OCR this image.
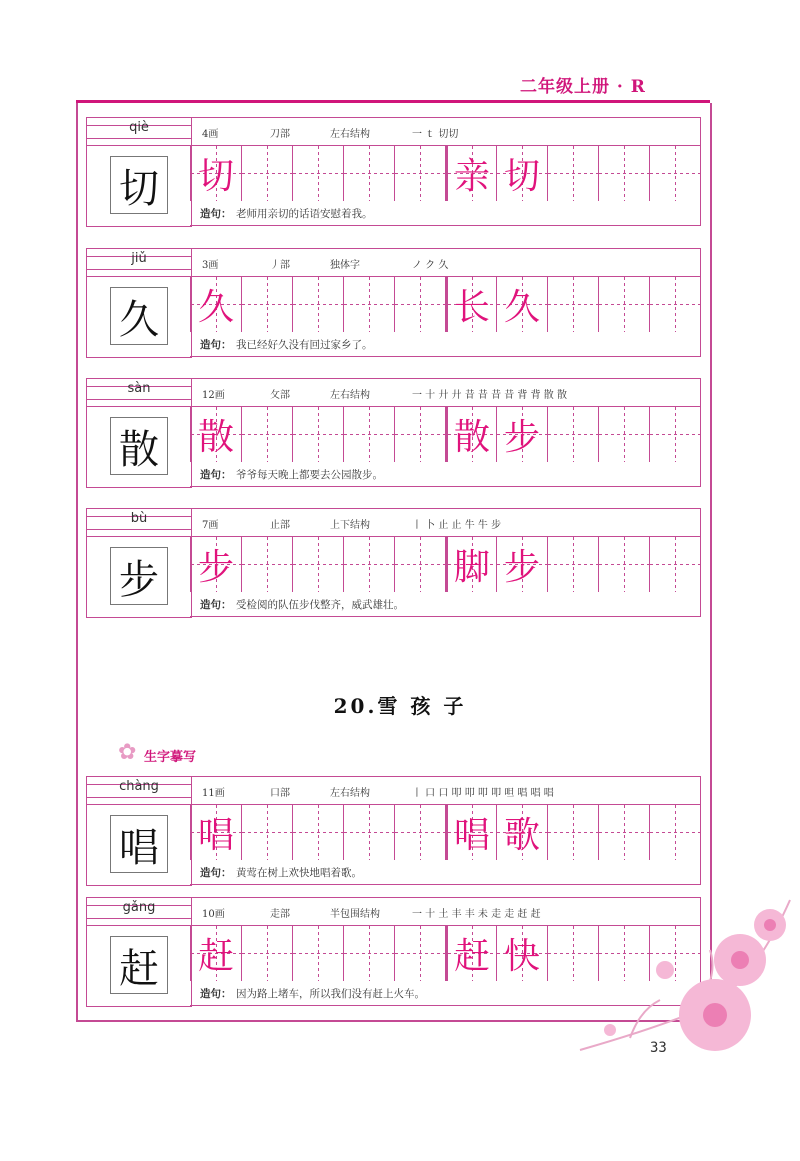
二年级上册 · R
qiè	4画	刀部	左右结构	一 ｔ 切切
切 切	亲 切
造句： 老师用亲切的话语安慰着我。
jiǔ	3画	丿部	独体字	ノ ク 久
久 久	长 久
造句： 我已经好久没有回过家乡了。
sàn	12画	攵部	左右结构	一 十 廾 廾 昔 昔 昔 昔 背 背 散 散
散 散	散 步
造句： 爷爷每天晚上都要去公园散步。
bù	7画	止部	上下结构	丨 卜 止 止 牛 牛 步
步 步	脚 步
造句： 受检阅的队伍步伐整齐，威武雄壮。
chàng	11画	口部	左右结构	丨 口 口 叩 叩 叩 叩 呾 唱 唱 唱
唱 唱	唱 歌
造句： 黄莺在树上欢快地唱着歌。
gǎng	10画	走部	半包围结构	一 十 土 丰 丰 未 走 走 赶 赶
赶 赶	赶 快
造句： 因为路上堵车，所以我们没有赶上火车。
20.雪 孩 子
✿ 生字摹写
33
